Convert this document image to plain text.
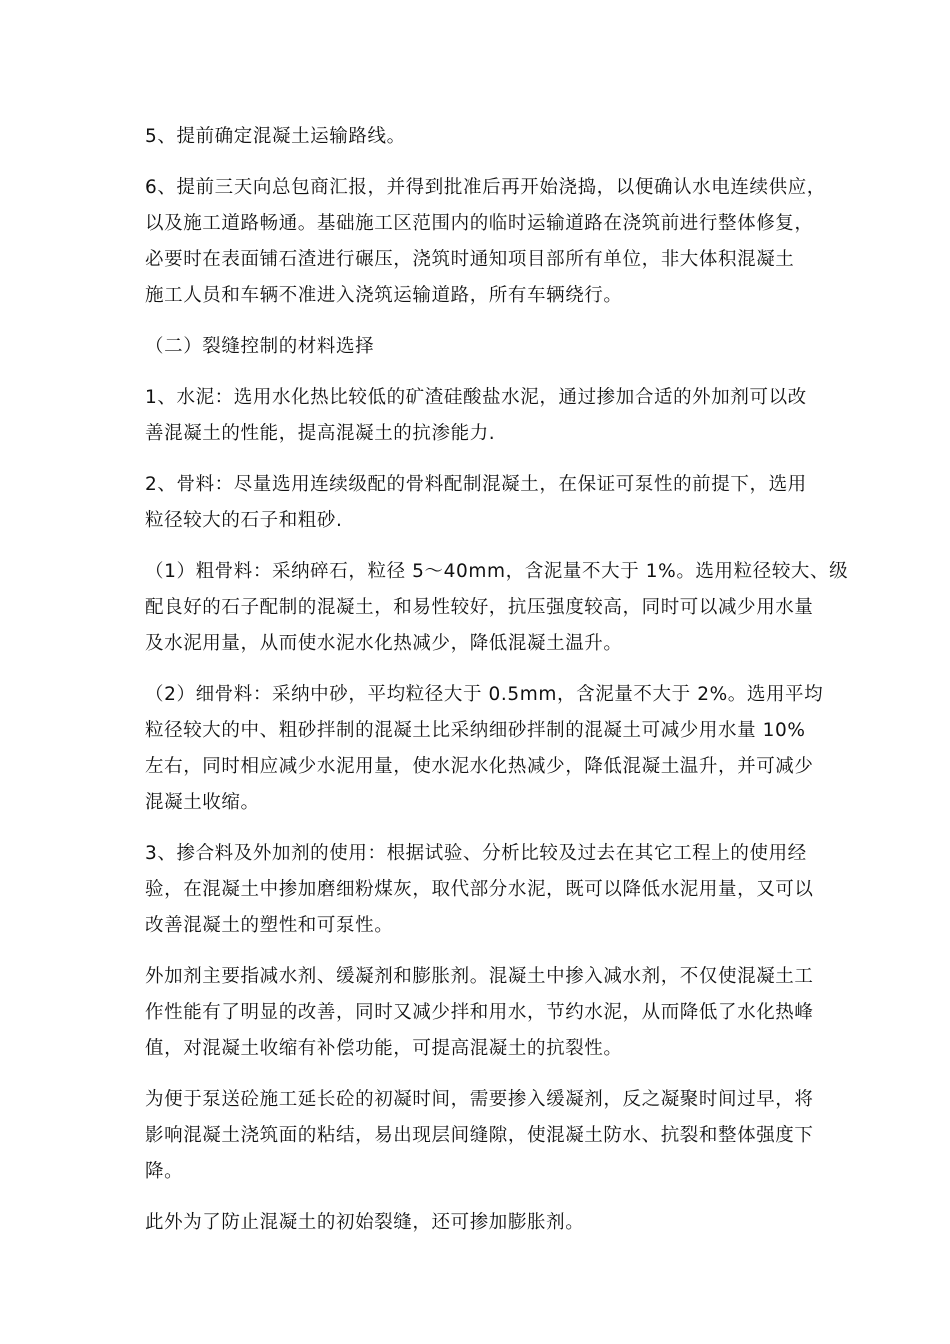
5、提前确定混凝土运输路线。

6、提前三天向总包商汇报，并得到批准后再开始浇捣，以便确认水电连续供应，
以及施工道路畅通。基础施工区范围内的临时运输道路在浇筑前进行整体修复，
必要时在表面铺石渣进行碾压，浇筑时通知项目部所有单位，非大体积混凝土
施工人员和车辆不准进入浇筑运输道路，所有车辆绕行。

（二）裂缝控制的材料选择

1、水泥：选用水化热比较低的矿渣硅酸盐水泥，通过掺加合适的外加剂可以改
善混凝土的性能，提高混凝土的抗渗能力.

2、骨料：尽量选用连续级配的骨料配制混凝土，在保证可泵性的前提下，选用
粒径较大的石子和粗砂.

（1）粗骨料：采纳碎石，粒径 5～40mm，含泥量不大于 1%。选用粒径较大、级
配良好的石子配制的混凝土，和易性较好，抗压强度较高，同时可以减少用水量
及水泥用量，从而使水泥水化热减少，降低混凝土温升。

（2）细骨料：采纳中砂，平均粒径大于 0.5mm，含泥量不大于 2%。选用平均
粒径较大的中、粗砂拌制的混凝土比采纳细砂拌制的混凝土可减少用水量 10%
左右，同时相应减少水泥用量，使水泥水化热减少，降低混凝土温升，并可减少
混凝土收缩。

3、掺合料及外加剂的使用：根据试验、分析比较及过去在其它工程上的使用经
验，在混凝土中掺加磨细粉煤灰，取代部分水泥，既可以降低水泥用量，又可以
改善混凝土的塑性和可泵性。

外加剂主要指减水剂、缓凝剂和膨胀剂。混凝土中掺入减水剂，不仅使混凝土工
作性能有了明显的改善，同时又减少拌和用水，节约水泥，从而降低了水化热峰
值，对混凝土收缩有补偿功能，可提高混凝土的抗裂性。

为便于泵送砼施工延长砼的初凝时间，需要掺入缓凝剂，反之凝聚时间过早，将
影响混凝土浇筑面的粘结，易出现层间缝隙，使混凝土防水、抗裂和整体强度下
降。

此外为了防止混凝土的初始裂缝，还可掺加膨胀剂。
